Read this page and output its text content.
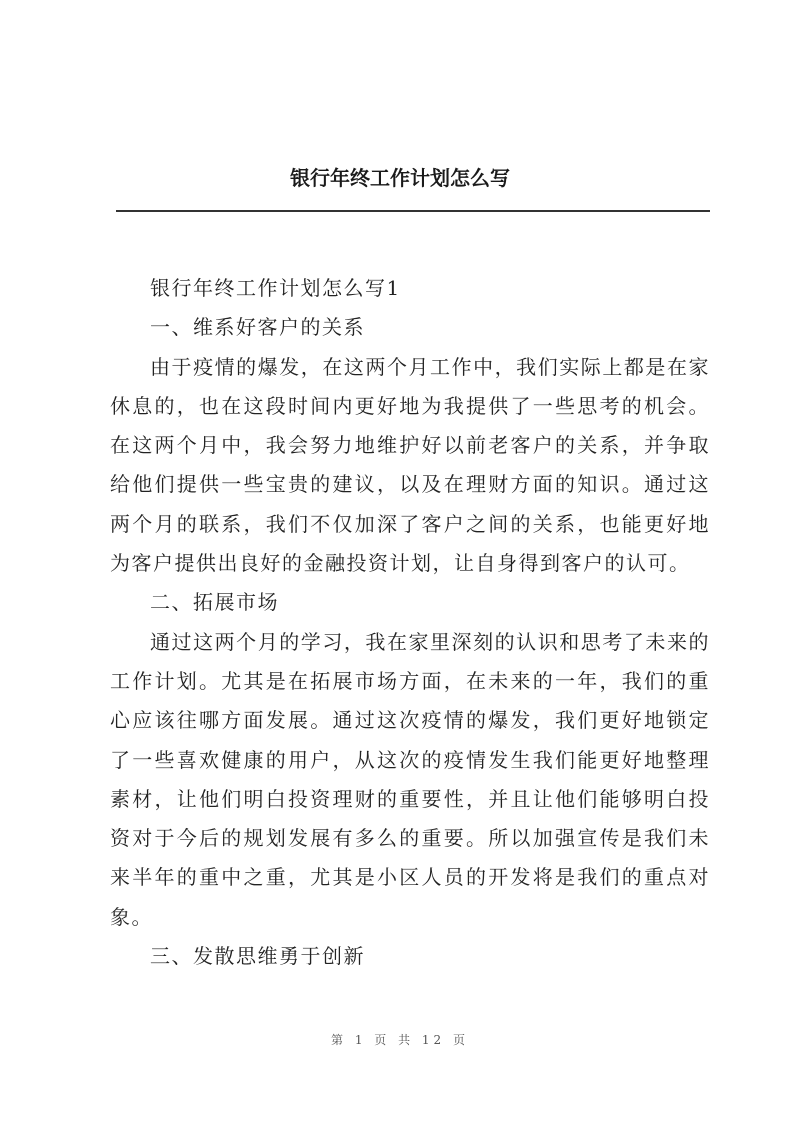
银行年终工作计划怎么写

银行年终工作计划怎么写1

一、维系好客户的关系

由于疫情的爆发，在这两个月工作中，我们实际上都是在家休息的，也在这段时间内更好地为我提供了一些思考的机会。在这两个月中，我会努力地维护好以前老客户的关系，并争取给他们提供一些宝贵的建议，以及在理财方面的知识。通过这两个月的联系，我们不仅加深了客户之间的关系，也能更好地为客户提供出良好的金融投资计划，让自身得到客户的认可。

二、拓展市场

通过这两个月的学习，我在家里深刻的认识和思考了未来的工作计划。尤其是在拓展市场方面，在未来的一年，我们的重心应该往哪方面发展。通过这次疫情的爆发，我们更好地锁定了一些喜欢健康的用户，从这次的疫情发生我们能更好地整理素材，让他们明白投资理财的重要性，并且让他们能够明白投资对于今后的规划发展有多么的重要。所以加强宣传是我们未来半年的重中之重，尤其是小区人员的开发将是我们的重点对象。

三、发散思维勇于创新

第 1 页 共 12 页
